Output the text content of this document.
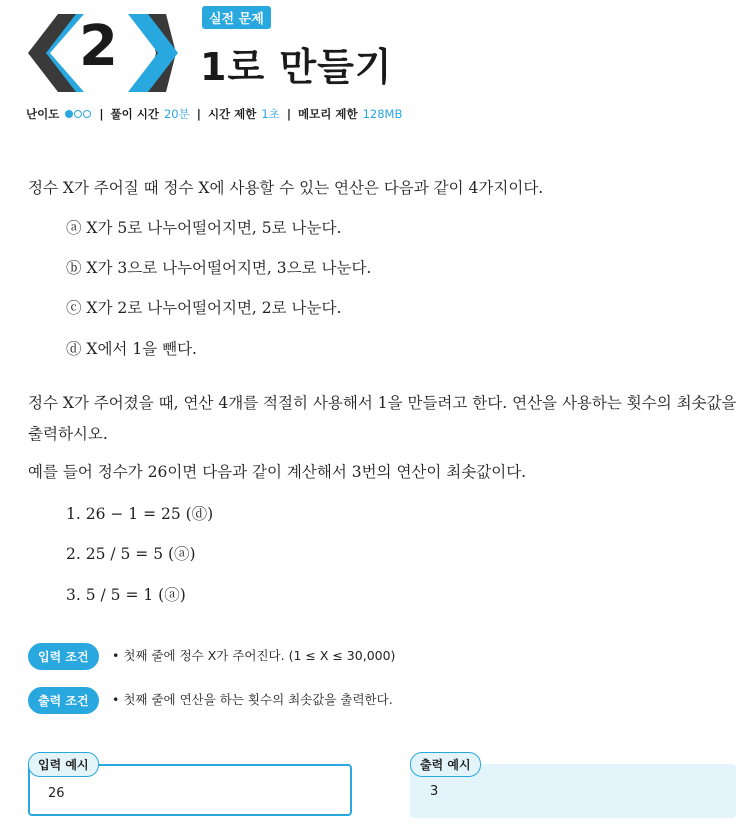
2	실전 문제
1로 만들기
난이도	| 풀이 시간 20분 | 시간 제한 1초 | 메모리 제한 128MB
정수 X가 주어질 때 정수 X에 사용할 수 있는 연산은 다음과 같이 4가지이다.
ⓐ X가 5로 나누어떨어지면, 5로 나눈다.
ⓑ X가 3으로 나누어떨어지면, 3으로 나눈다.
ⓒ X가 2로 나누어떨어지면, 2로 나눈다.
ⓓ X에서 1을 뺀다.
정수 X가 주어졌을 때, 연산 4개를 적절히 사용해서 1을 만들려고 한다. 연산을 사용하는 횟수의 최솟값을 출력하시오.
예를 들어 정수가 26이면 다음과 같이 계산해서 3번의 연산이 최솟값이다.
1. 26 − 1 = 25 (ⓓ)
2. 25 / 5 = 5 (ⓐ)
3. 5 / 5 = 1 (ⓐ)
입력 조건	• 첫째 줄에 정수 X가 주어진다. (1 ≤ X ≤ 30,000)
출력 조건	• 첫째 줄에 연산을 하는 횟수의 최솟값을 출력한다.
26
입력 예시
3
출력 예시
